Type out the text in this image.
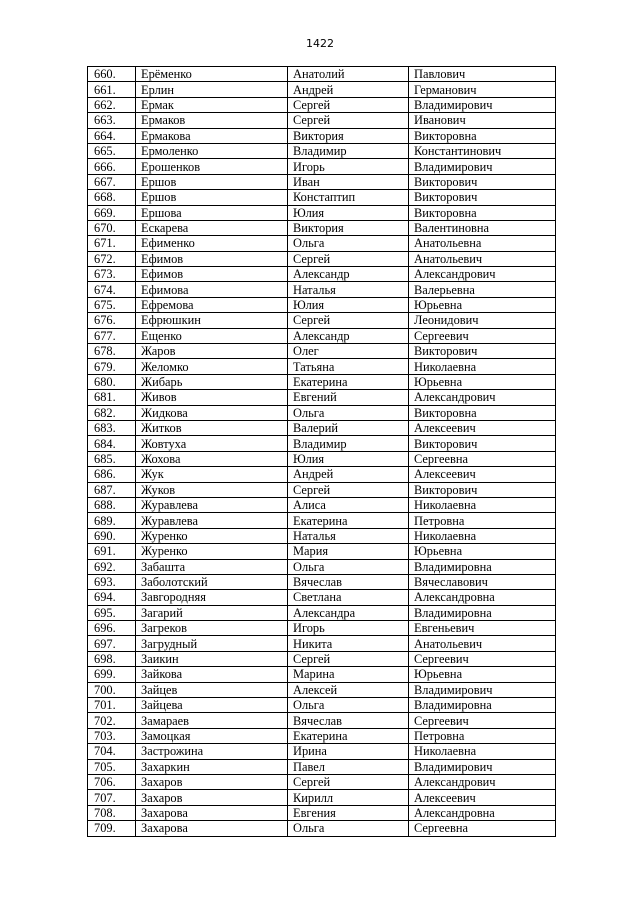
1422
660.	Ерёменко	Анатолий	Павлович
661.	Ерлин	Андрей	Германович
662.	Ермак	Сергей	Владимирович
663.	Ермаков	Сергей	Иванович
664.	Ермакова	Виктория	Викторовна
665.	Ермоленко	Владимир	Константинович
666.	Ерошенков	Игорь	Владимирович
667.	Ершов	Иван	Викторович
668.	Ершов	Констаптип	Викторович
669.	Ершова	Юлия	Викторовна
670.	Ескарева	Виктория	Валентиновна
671.	Ефименко	Ольга	Анатольевна
672.	Ефимов	Сергей	Анатольевич
673.	Ефимов	Александр	Александрович
674.	Ефимова	Наталья	Валерьевна
675.	Ефремова	Юлия	Юрьевна
676.	Ефрюшкин	Сергей	Леонидович
677.	Ещенко	Александр	Сергеевич
678.	Жаров	Олег	Викторович
679.	Желомко	Татьяна	Николаевна
680.	Жибарь	Екатерина	Юрьевна
681.	Живов	Евгений	Александрович
682.	Жидкова	Ольга	Викторовна
683.	Житков	Валерий	Алексеевич
684.	Жовтуха	Владимир	Викторович
685.	Жохова	Юлия	Сергеевна
686.	Жук	Андрей	Алексеевич
687.	Жуков	Сергей	Викторович
688.	Журавлева	Алиса	Николаевна
689.	Журавлева	Екатерина	Петровна
690.	Журенко	Наталья	Николаевна
691.	Журенко	Мария	Юрьевна
692.	Забашта	Ольга	Владимировна
693.	Заболотский	Вячеслав	Вячеславович
694.	Завгородняя	Светлана	Александровна
695.	Загарий	Александра	Владимировна
696.	Загреков	Игорь	Евгеньевич
697.	Загрудный	Никита	Анатольевич
698.	Заикин	Сергей	Сергеевич
699.	Зайкова	Марина	Юрьевна
700.	Зайцев	Алексей	Владимирович
701.	Зайцева	Ольга	Владимировна
702.	Замараев	Вячеслав	Сергеевич
703.	Замоцкая	Екатерина	Петровна
704.	Застрожина	Ирина	Николаевна
705.	Захаркин	Павел	Владимирович
706.	Захаров	Сергей	Александрович
707.	Захаров	Кирилл	Алексеевич
708.	Захарова	Евгения	Александровна
709.	Захарова	Ольга	Сергеевна
